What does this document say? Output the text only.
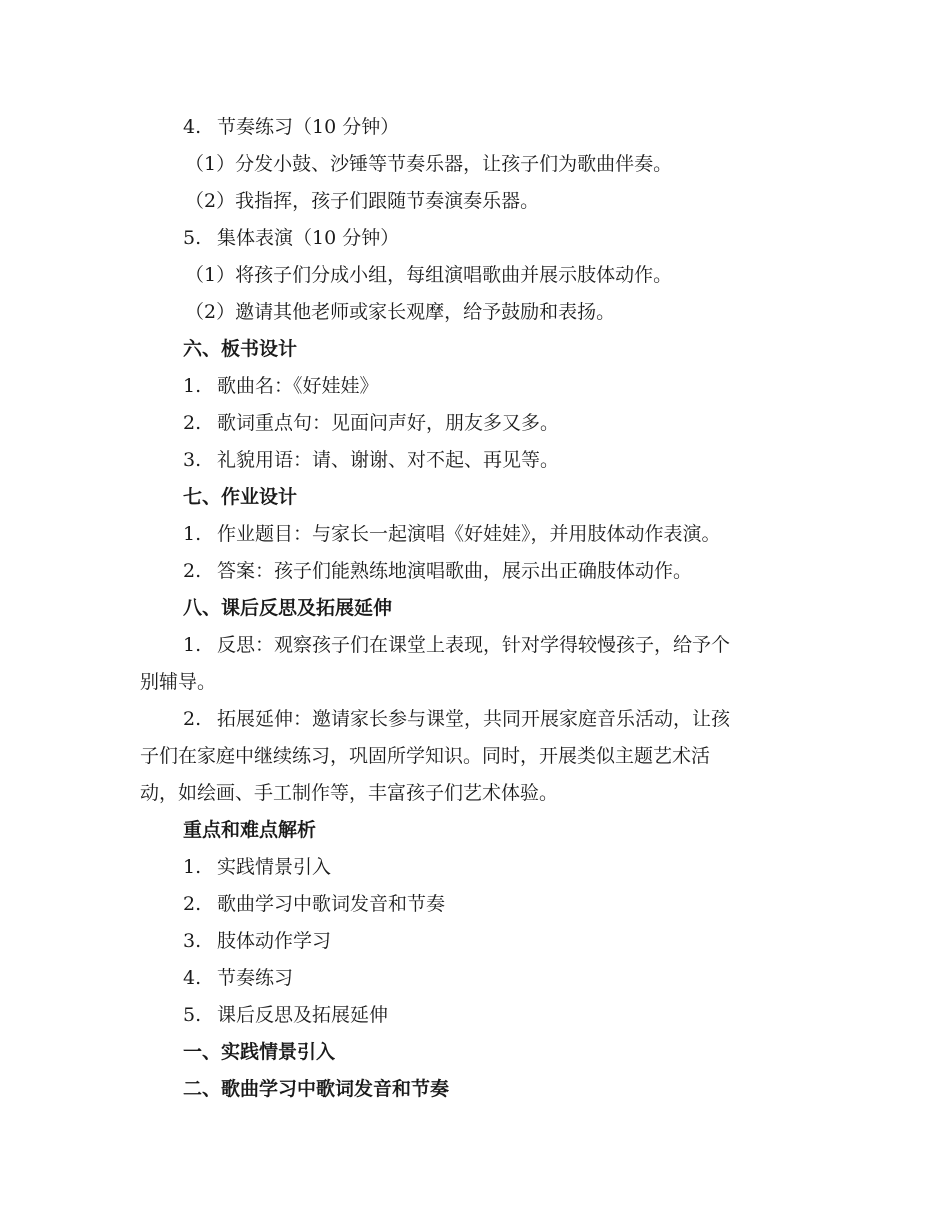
4. 节奏练习（10 分钟）
（1）分发小鼓、沙锤等节奏乐器，让孩子们为歌曲伴奏。
（2）我指挥，孩子们跟随节奏演奏乐器。
5. 集体表演（10 分钟）
（1）将孩子们分成小组，每组演唱歌曲并展示肢体动作。
（2）邀请其他老师或家长观摩，给予鼓励和表扬。
六、板书设计
1. 歌曲名：《好娃娃》
2. 歌词重点句：见面问声好，朋友多又多。
3. 礼貌用语：请、谢谢、对不起、再见等。
七、作业设计
1. 作业题目：与家长一起演唱《好娃娃》，并用肢体动作表演。
2. 答案：孩子们能熟练地演唱歌曲，展示出正确肢体动作。
八、课后反思及拓展延伸
1. 反思：观察孩子们在课堂上表现，针对学得较慢孩子，给予个
别辅导。
2. 拓展延伸：邀请家长参与课堂，共同开展家庭音乐活动，让孩
子们在家庭中继续练习，巩固所学知识。同时，开展类似主题艺术活
动，如绘画、手工制作等，丰富孩子们艺术体验。
重点和难点解析
1. 实践情景引入
2. 歌曲学习中歌词发音和节奏
3. 肢体动作学习
4. 节奏练习
5. 课后反思及拓展延伸
一、实践情景引入
二、歌曲学习中歌词发音和节奏
